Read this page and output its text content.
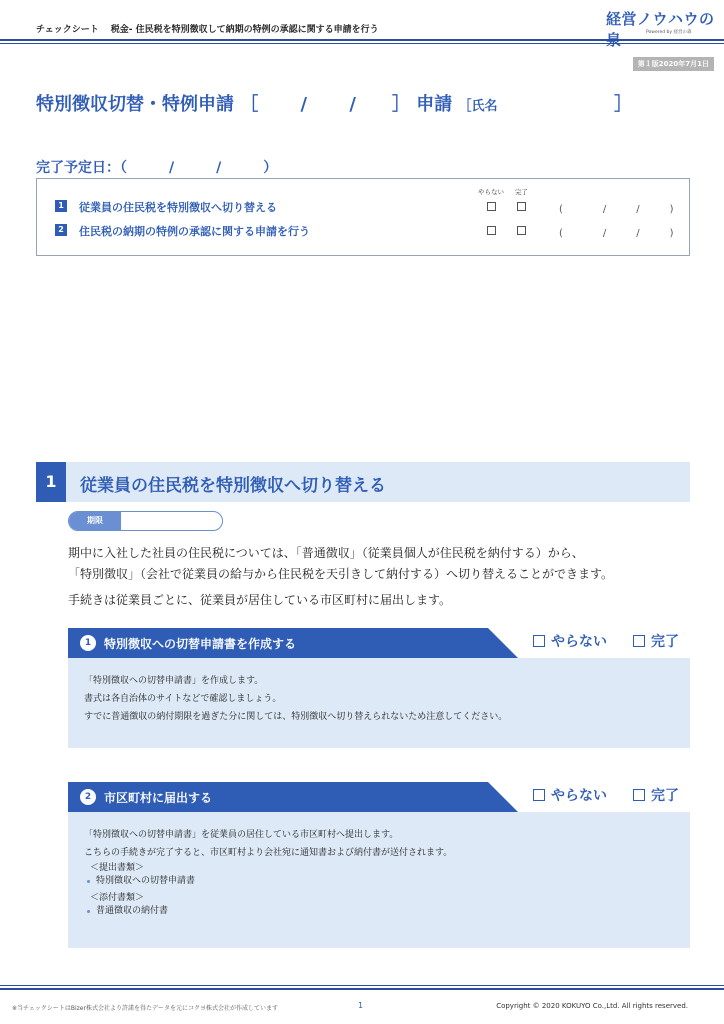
チェックシート 税金‐ 住民税を特別徴収して納期の特例の承認に関する申請を行う
経営ノウハウの
Powered by 経営の森
第１版2020年7月1日
特別徴収切替・特例申請 ［　　 /　　 /　　］ 申請 ［氏名	］
完了予定日：（　　　/　　　/　　　）
やらない 完了
1 従業員の住民税を特別徴収へ切り替える	(　　　　/　　　/　　　)
2 住民税の納期の特例の承認に関する申請を行う	(　　　　/　　　/　　　)
1	従業員の住民税を特別徴収へ切り替える
期限
期中に入社した社員の住民税については、「普通徴収」（従業員個人が住民税を納付する）から、
「特別徴収」（会社で従業員の給与から住民税を天引きして納付する）へ切り替えることができます。
手続きは従業員ごとに、従業員が居住している市区町村に届出します。
1	特別徴収への切替申請書を作成する	やらない	完了
「特別徴収への切替申請書」を作成します。
書式は各自治体のサイトなどで確認しましょう。
すでに普通徴収の納付期限を過ぎた分に関しては、特別徴収へ切り替えられないため注意してください。
2	市区町村に届出する	やらない	完了
「特別徴収への切替申請書」を従業員の居住している市区町村へ提出します。
こちらの手続きが完了すると、市区町村より会社宛に通知書および納付書が送付されます。
＜提出書類＞
特別徴収への切替申請書
＜添付書類＞
普通徴収の納付書
※当チェックシートはBizer株式会社より許諾を得たデータを元にコクヨ株式会社が作成しています	1	Copyright © 2020 KOKUYO Co.,Ltd. All rights reserved.
